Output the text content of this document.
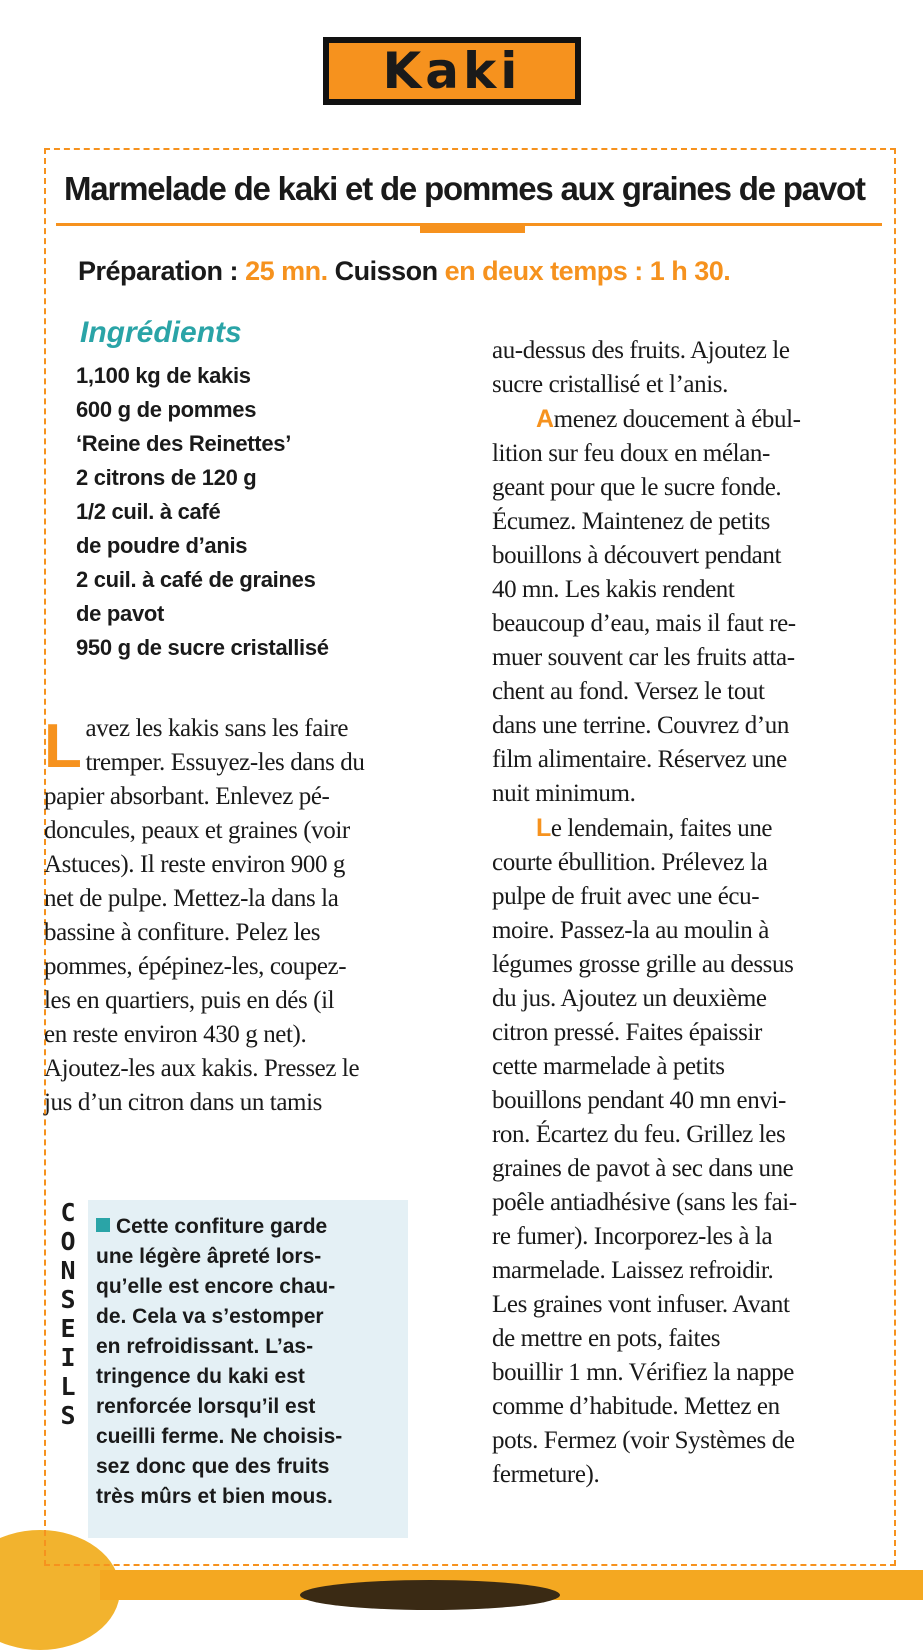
Kaki
Marmelade de kaki et de pommes aux graines de pavot
Préparation : 25 mn. Cuisson en deux temps : 1 h 30.
Ingrédients
1,100 kg de kakis
600 g de pommes
‘Reine des Reinettes’
2 citrons de 120 g
1/2 cuil. à café
de poudre d’anis
2 cuil. à café de graines
de pavot
950 g de sucre cristallisé
L avez les kakis sans les faire
tremper. Essuyez-les dans du
papier absorbant. Enlevez pé-
doncules, peaux et graines (voir
Astuces). Il reste environ 900 g
net de pulpe. Mettez-la dans la
bassine à confiture. Pelez les
pommes, épépinez-les, coupez-
les en quartiers, puis en dés (il
en reste environ 430 g net).
Ajoutez-les aux kakis. Pressez le
jus d’un citron dans un tamis
au-dessus des fruits. Ajoutez le
sucre cristallisé et l’anis.
Amenez doucement à ébul-
lition sur feu doux en mélan-
geant pour que le sucre fonde.
Écumez. Maintenez de petits
bouillons à découvert pendant
40 mn. Les kakis rendent
beaucoup d’eau, mais il faut re-
muer souvent car les fruits atta-
chent au fond. Versez le tout
dans une terrine. Couvrez d’un
film alimentaire. Réservez une
nuit minimum.
Le lendemain, faites une
courte ébullition. Prélevez la
pulpe de fruit avec une écu-
moire. Passez-la au moulin à
légumes grosse grille au dessus
du jus. Ajoutez un deuxième
citron pressé. Faites épaissir
cette marmelade à petits
bouillons pendant 40 mn envi-
ron. Écartez du feu. Grillez les
graines de pavot à sec dans une
poêle antiadhésive (sans les fai-
re fumer). Incorporez-les à la
marmelade. Laissez refroidir.
Les graines vont infuser. Avant
de mettre en pots, faites
bouillir 1 mn. Vérifiez la nappe
comme d’habitude. Mettez en
pots. Fermez (voir Systèmes de
fermeture).
C
O
N
S
E
I
L
S
Cette confiture garde
une légère âpreté lors-
qu’elle est encore chau-
de. Cela va s’estomper
en refroidissant. L’as-
tringence du kaki est
renforcée lorsqu’il est
cueilli ferme. Ne choisis-
sez donc que des fruits
très mûrs et bien mous.
